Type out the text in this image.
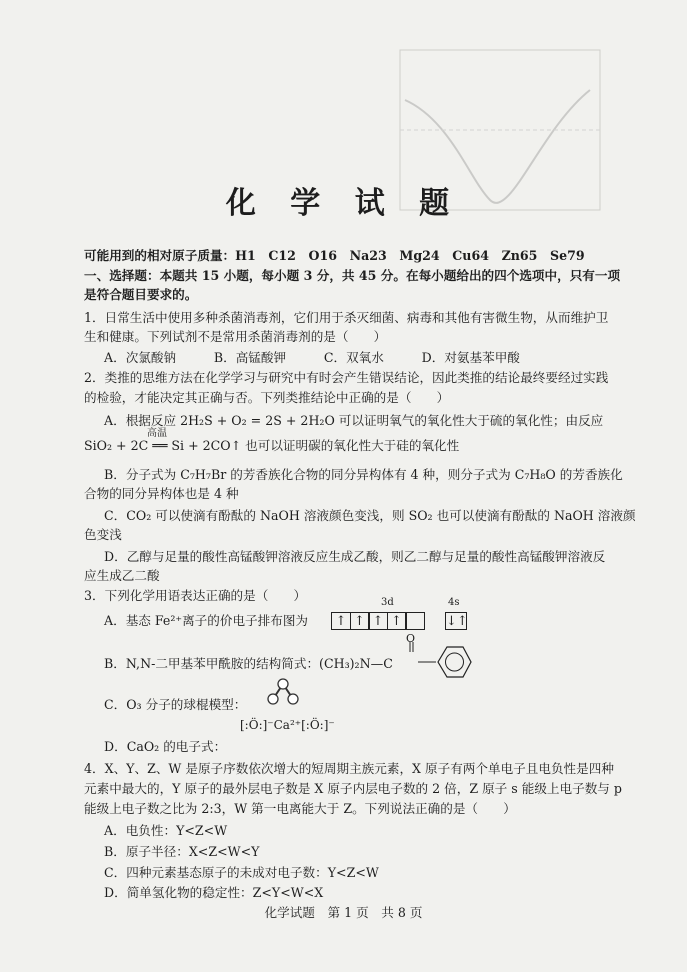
化 学 试 题
可能用到的相对原子质量：H1　C12　O16　Na23　Mg24　Cu64　Zn65　Se79
一、选择题：本题共 15 小题，每小题 3 分，共 45 分。在每小题给出的四个选项中，只有一项
是符合题目要求的。
1．日常生活中使用多种杀菌消毒剂，它们用于杀灭细菌、病毒和其他有害微生物，从而维护卫
生和健康。下列试剂不是常用杀菌消毒剂的是（　　）
A．次氯酸钠　　　B．高锰酸钾　　　C．双氧水　　　D．对氨基苯甲酸
2．类推的思维方法在化学学习与研究中有时会产生错误结论，因此类推的结论最终要经过实践
的检验，才能决定其正确与否。下列类推结论中正确的是（　　）
A．根据反应 2H₂S + O₂ = 2S + 2H₂O 可以证明氧气的氧化性大于硫的氧化性；由反应
高温
SiO₂ + 2C ══ Si + 2CO↑ 也可以证明碳的氧化性大于硅的氧化性
B．分子式为 C₇H₇Br 的芳香族化合物的同分异构体有 4 种，则分子式为 C₇H₈O 的芳香族化
合物的同分异构体也是 4 种
C．CO₂ 可以使滴有酚酞的 NaOH 溶液颜色变浅，则 SO₂ 也可以使滴有酚酞的 NaOH 溶液颜
色变浅
D．乙醇与足量的酸性高锰酸钾溶液反应生成乙酸，则乙二醇与足量的酸性高锰酸钾溶液反
应生成乙二酸
3．下列化学用语表达正确的是（　　）
A．基态 Fe²⁺离子的价电子排布图为
3d	4s
↑ ↑ ↑ ↑	↓↑
B．N,N-二甲基苯甲酰胺的结构简式：(CH₃)₂N—C
O
C．O₃ 分子的球棍模型：
[:Ö:]⁻Ca²⁺[:Ö:]⁻
D．CaO₂ 的电子式：
4．X、Y、Z、W 是原子序数依次增大的短周期主族元素，X 原子有两个单电子且电负性是四种
元素中最大的，Y 原子的最外层电子数是 X 原子内层电子数的 2 倍，Z 原子 s 能级上电子数与 p
能级上电子数之比为 2:3，W 第一电离能大于 Z。下列说法正确的是（　　）
A．电负性：Y<Z<W
B．原子半径：X<Z<W<Y
C．四种元素基态原子的未成对电子数：Y<Z<W
D．简单氢化物的稳定性：Z<Y<W<X
化学试题　第 1 页　共 8 页
